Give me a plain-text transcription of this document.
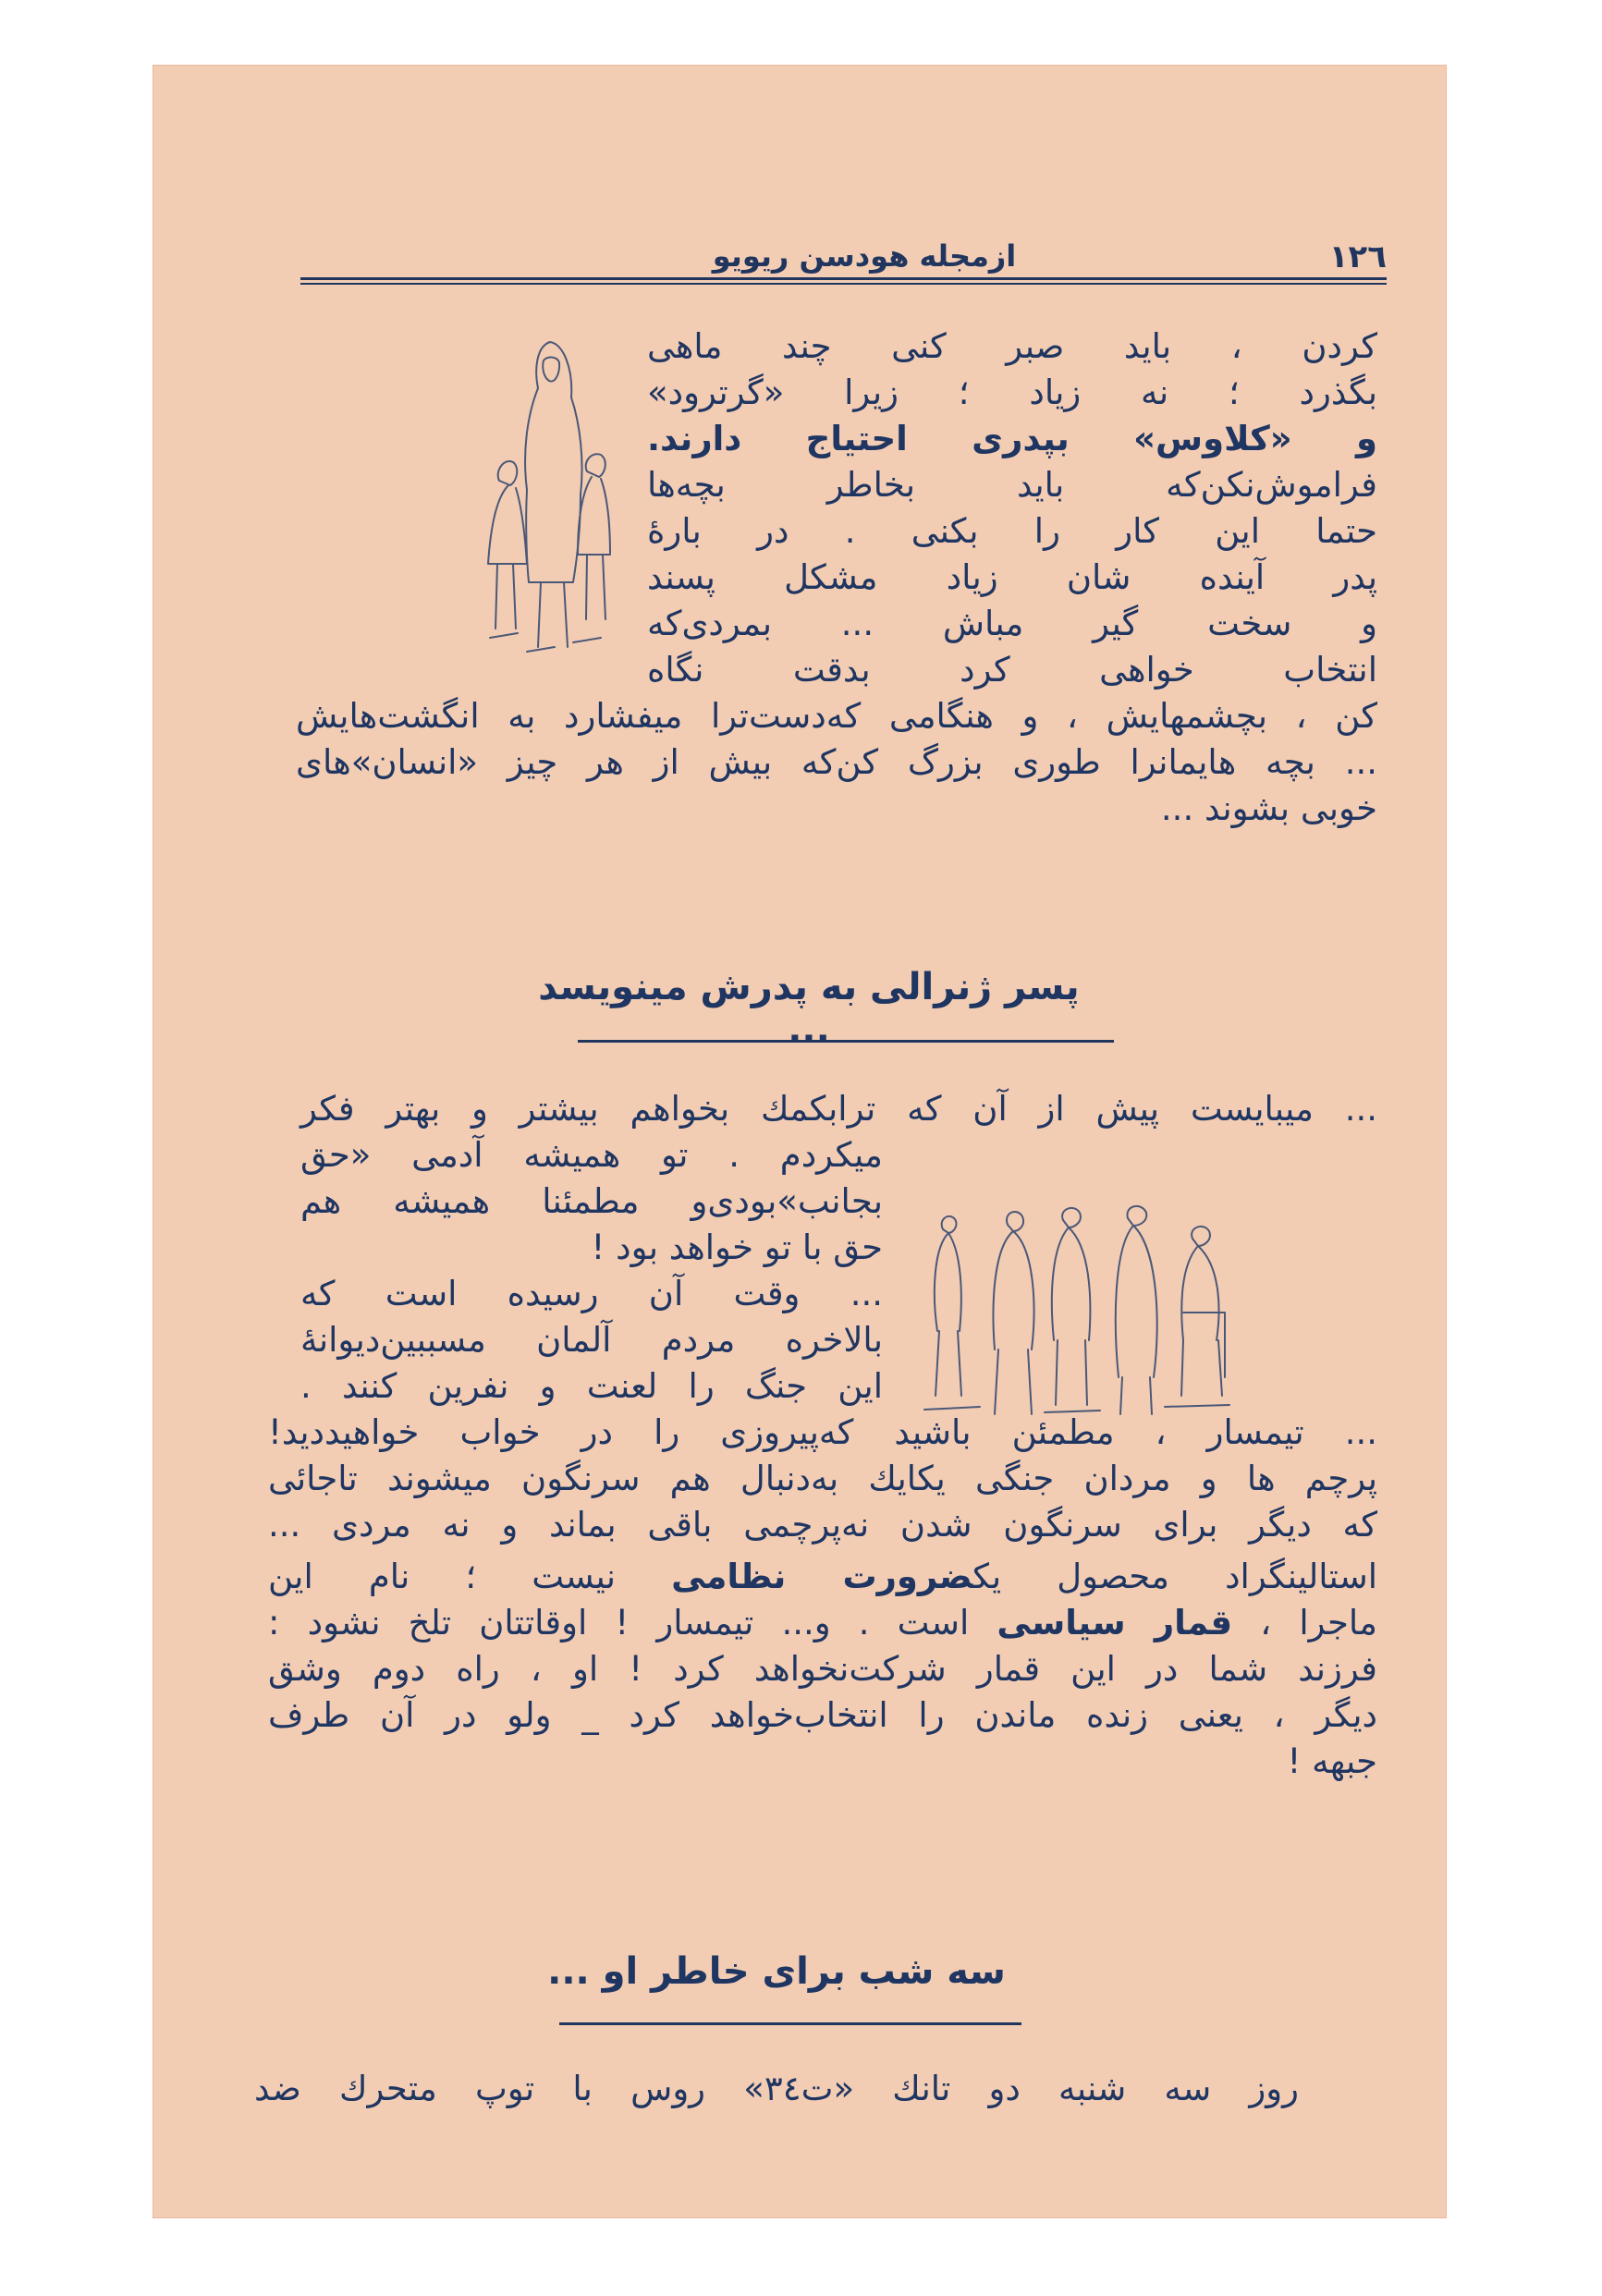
۱۲٦
ازمجله هودسن ريويو
كردن ، بايد صبر كنى چند ماهى
بگذرد ؛ نه زياد ؛ زيرا «گرترود»
و «كلاوس» بپدرى احتياج دارند.
فراموش‌نكن‌كه بايد بخاطر بچه‌ها
حتما اين كار را بكنى . در بارۀ
پدر آينده شان زياد مشكل پسند
و سخت گير مباش ... بمردى‌كه
انتخاب خواهى كرد بدقت نگاه
كن ، بچشمهايش ، و هنگامى كه‌دست‌ترا ميفشارد به انگشت‌هايش
... بچه هايمانرا طورى بزرگ كن‌كه بيش از هر چيز «انسان»هاى
خوبى بشوند ...
پسر ژنرالى به پدرش مينويسد ...
... ميبايست پيش از آن كه ترابكمك بخواهم بيشتر و بهتر فكر
ميكردم . تو هميشه آدمى «حق
بجانب»بودى‌و مطمئنا هميشه هم
حق با تو خواهد بود !
... وقت آن رسيده است كه
بالاخره مردم آلمان مسببين‌ديوانۀ
اين جنگ را لعنت و نفرين كنند .
... تيمسار ، مطمئن باشيد كه‌پيروزى را در خواب خواهيدديد!
پرچم ها و مردان جنگى يكايك به‌دنبال هم سرنگون ميشوند تاجائى
كه ديگر براى سرنگون شدن نه‌پرچمى باقى بماند و نه مردى ...
استالينگراد محصول يكضرورت نظامى نيست ؛ نام اين
ماجرا ، قمار سياسى است . و... تيمسار ! اوقاتتان تلخ نشود :
فرزند شما در اين قمار شركت‌نخواهد كرد ! او ، راه دوم وشق
ديگر ، يعنى زنده ماندن را انتخاب‌خواهد كرد _ ولو در آن طرف
جبهه !
سه شب براى خاطر او ...
روز سه شنبه دو تانك «ت٣٤» روس با توپ متحرك ضد
